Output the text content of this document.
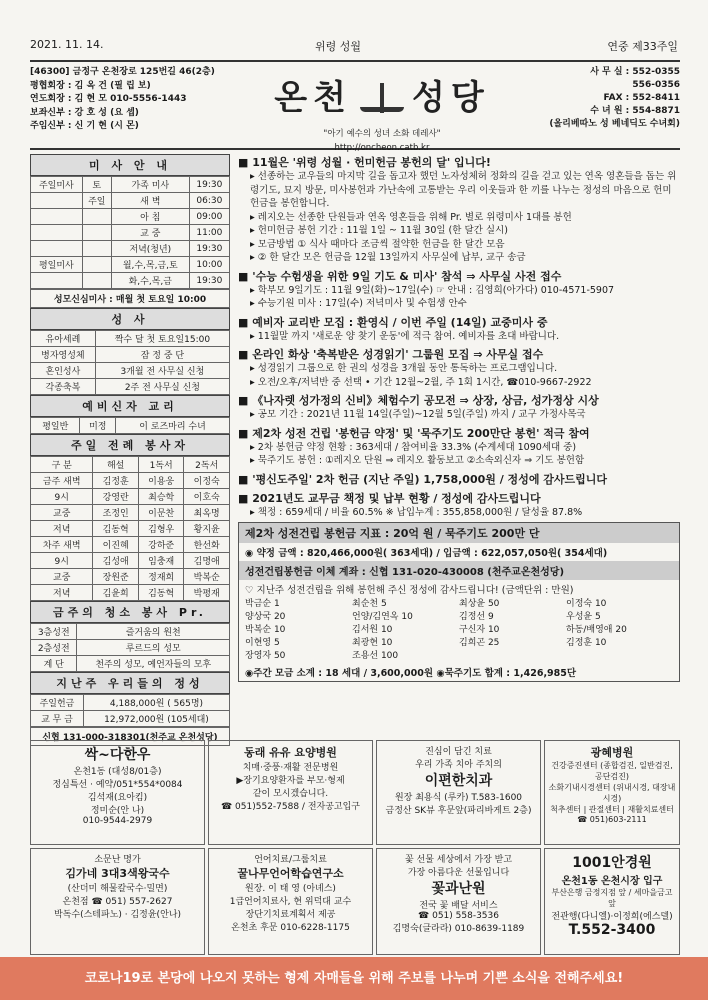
2021. 11. 14.	위령 성월	연중 제33주일
[46300] 금정구 온천장로 125번길 46(2층)
평협회장 : 김 옥 건 (필 립 보)
연도회장 : 김 현 모 010-5556-1443
보좌신부 : 강 호 성 (요 셉)
주임신부 : 신 기 현 (시 몬)
온천 성당
"아기 예수의 성녀 소화 데레사"
http://oncheon.catb.kr
사 무 실 : 552-0355
556-0356
FAX : 552-8411
수 녀 원 : 554-8871
(올리베따노 성 베네딕도 수녀회)
미 사 안 내
주일미사	토	가족 미사	19:30
	주일	새 벽	06:30
		아 침	09:00
		교 중	11:00
		저녁(청년)	19:30
평일미사		월,수,목,금,토	10:00
		화,수,목,금	19:30
성모신심미사 : 매월 첫 토요일 10:00
성 사
유아세례	짝수 달 첫 토요일15:00
병자영성체	잠 정 중 단
혼인성사	3개월 전 사무실 신청
각종축복	2주 전 사무실 신청
예비신자 교리
평일반	미정	이 로즈마리 수녀
주일 전례 봉사자
구 분	해설	1독서	2독서
금주 새벽	김정훈	이용웅	이정숙
9시	강영란	최승학	이호숙
교중	조정인	이문찬	최옥명
저녁	김동혁	김형우	황지윤
차주 새벽	이진혜	강하준	한선화
9시	김성애	임충재	김명애
교중	장원준	정재희	박복순
저녁	김윤희	김동혁	박평재
금주의 청소 봉사 Pr.
3층성전	즐거움의 원천
2층성전	루르드의 성모
계 단	천주의 성모, 예언자들의 모후
지난주 우리들의 정성
주일헌금	4,188,000원 ( 565명)
교 무 금	12,972,000원 (105세대)
신협 131-000-318301(천주교 온천성당)
■ 11월은 '위령 성월 · 헌미헌금 봉헌의 달' 입니다!
▸ 선종하는 교우들의 마지막 길을 돕고자 했던 노자성체허 정화의 길을 걷고 있는 연옥 영혼들을 돕는 위령기도, 묘지 방문, 미사봉헌과 가난속에 고통받는 우리 이웃들과 한 끼를 나누는 정성의 마음으로 헌미헌금을 봉헌합니다.
▸ 레지오는 선종한 단원들과 연옥 영혼들을 위해 Pr. 별로 위령미사 1대를 봉헌
▸ 헌미헌금 봉헌 기간 : 11월 1일 ~ 11월 30일 (한 달간 실시)
▸ 모금방법 ① 식사 때마다 조금씩 절약한 헌금을 한 달간 모음
▸ ② 한 달간 모은 헌금을 12월 13일까지 사무실에 납부, 교구 송금
■ '수능 수험생을 위한 9일 기도 & 미사' 참석 ⇒ 사무실 사전 접수
▸ 학부모 9일기도 : 11월 9일(화)~17일(수) ☞ 안내 : 김영희(아가다) 010-4571-5907
▸ 수능기원 미사 : 17일(수) 저녁미사 및 수험생 안수
■ 예비자 교리반 모집 : 환영식 / 이번 주일 (14일) 교중미사 중
▸ 11월말 까지 '새로운 양 찾기 운동'에 적극 참여. 예비자를 초대 바랍니다.
■ 온라인 화상 '축복받은 성경읽기' 그룹원 모집 ⇒ 사무실 접수
▸ 성경읽기 그룹으로 한 권의 성경을 3개월 동안 통독하는 프로그램입니다.
▸ 오전/오후/저녁반 중 선택 • 기간 12월~2월, 주 1회 1시간, ☎010-9667-2922
■ 《나자렛 성가정의 신비》체험수기 공모전 ⇒ 상장, 상금, 성가정상 시상
▸ 공모 기간 : 2021년 11월 14일(주일)~12월 5일(주일) 까지 / 교구 가정사목국
■ 제2차 성전 건립 '봉헌금 약정' 및 '묵주기도 200만단 봉헌' 적극 참여
▸ 2차 봉헌금 약정 현황 : 363세대 / 참여비율 33.3% (수계세대 1090세대 중)
▸ 묵주기도 봉헌 : ①레지오 단원 ⇒ 레지오 활동보고 ②소속외신자 ⇒ 기도 봉헌함
■ '평신도주일' 2차 헌금 (지난 주일) 1,758,000원 / 정성에 감사드립니다
■ 2021년도 교무금 책정 및 납부 현황 / 정성에 감사드립니다
▸ 책정 : 659세대 / 비율 60.5% ※ 납입누계 : 355,858,000원 / 달성율 87.8%
제2차 성전건립 봉헌금 지표 : 20억 원 / 묵주기도 200만 단
◉ 약정 금액 : 820,466,000원( 363세대) / 입금액 : 622,057,050원( 354세대)
성전건립봉헌금 이체 계좌 : 신협 131-020-430008 (천주교온천성당)
♡ 지난주 성전건립을 위해 봉헌해 주신 정성에 감사드립니다! (금액단위 : 만원)
박금순 1	최순천 5	최상윤 50	이정숙 10
양상국 20	언양/김연옥 10	김정선 9	우성윤 5
박복순 10	김서원 10	구신자 10	하동/배영애 20
이현영 5	최광현 10	김희곤 25	김정훈 10
장영자 50	조용선 100
◉주간 모금 소계 : 18 세대 / 3,600,000원 ◉묵주기도 합계 : 1,426,985단
싹~다한우
온천1동 (대성8/01층)
정심특선 · 예약/051*554*0084
김석재(요아킴)
정미순(안 나)
010-9544-2979
동래 유유 요양병원
치매·중풍·재활 전문병원
▶장기요양환자를 부모·형제
같이 모시겠습니다.
☎ 051)552-7588 / 전자공고입구
진심이 담긴 치료
우리 가족 치아 주치의
이편한치과
원장 최용식 (루카) T.583-1600
금정산 SK뷰 후문앞(파리바게트 2층)
광혜병원
건강증진센터 (종합검진, 일반검진, 공단검진)
소화기내시경센터 (위내시경, 대장내시경)
척추센터 | 관절센터 | 재활치료센터
☎ 051)603-2111
소문난 명가
김가네 3대3색왕국수
(산더미 해물칼국수·밀면)
온천점 ☎ 051) 557-2627
박독수(스테파노) · 김정윤(안나)
언어치료/그룹치료
꿀나무언어학습연구소
원장. 이 태 영 (아녜스)
1급언어치료사, 현 위덕대 교수
장단기치료계획서 제공
온천초 후문 010-6228-1175
꽃 선물 세상에서 가장 받고
가장 아름다운 선물입니다
꽃과난원
전국 꽃 배달 서비스
☎ 051) 558-3536
김명숙(글라라) 010-8639-1189
1001안경원
온천1동 온천시장 입구
부산은행 금정지점 앞 / 세마을금고 앞
전관행(다니엘)·이정희(에스델)
T.552-3400
코로나19로 본당에 나오지 못하는 형제 자매들을 위해 주보를 나누며 기쁜 소식을 전해주세요!
